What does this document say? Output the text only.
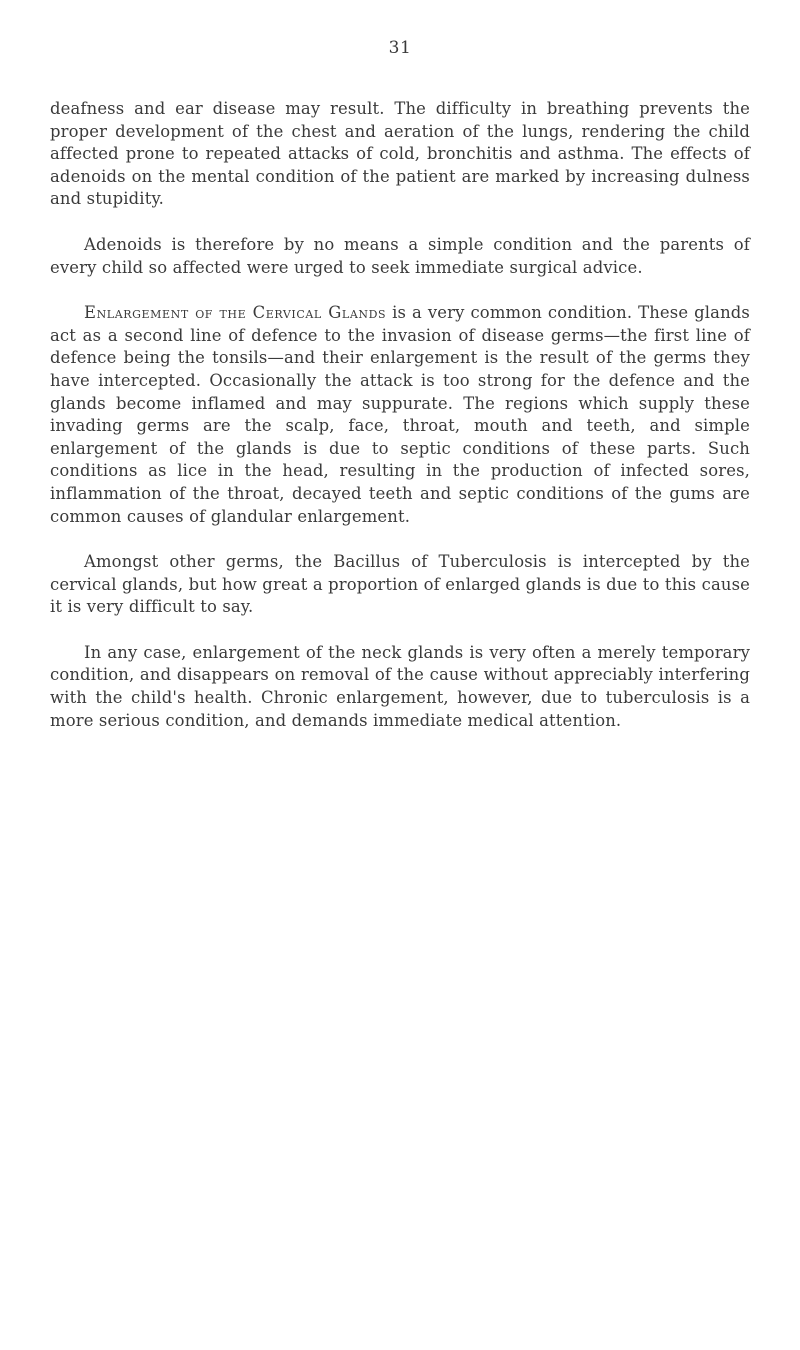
31

deafness and ear disease may result. The difficulty in breathing prevents the proper development of the chest and aeration of the lungs, rendering the child affected prone to repeated attacks of cold, bronchitis and asthma. The effects of adenoids on the mental condition of the patient are marked by increasing dulness and stupidity.

Adenoids is therefore by no means a simple condition and the parents of every child so affected were urged to seek immediate surgical advice.

Enlargement of the Cervical Glands is a very common condition. These glands act as a second line of defence to the invasion of disease germs—the first line of defence being the tonsils—and their enlargement is the result of the germs they have intercepted. Occasionally the attack is too strong for the defence and the glands become inflamed and may suppurate. The regions which supply these invading germs are the scalp, face, throat, mouth and teeth, and simple enlargement of the glands is due to septic conditions of these parts. Such conditions as lice in the head, resulting in the production of infected sores, inflammation of the throat, decayed teeth and septic conditions of the gums are common causes of glandular enlargement.

Amongst other germs, the Bacillus of Tuberculosis is intercepted by the cervical glands, but how great a proportion of enlarged glands is due to this cause it is very difficult to say.

In any case, enlargement of the neck glands is very often a merely temporary condition, and disappears on removal of the cause without appreciably interfering with the child's health. Chronic enlargement, however, due to tuberculosis is a more serious condition, and demands immediate medical attention.
